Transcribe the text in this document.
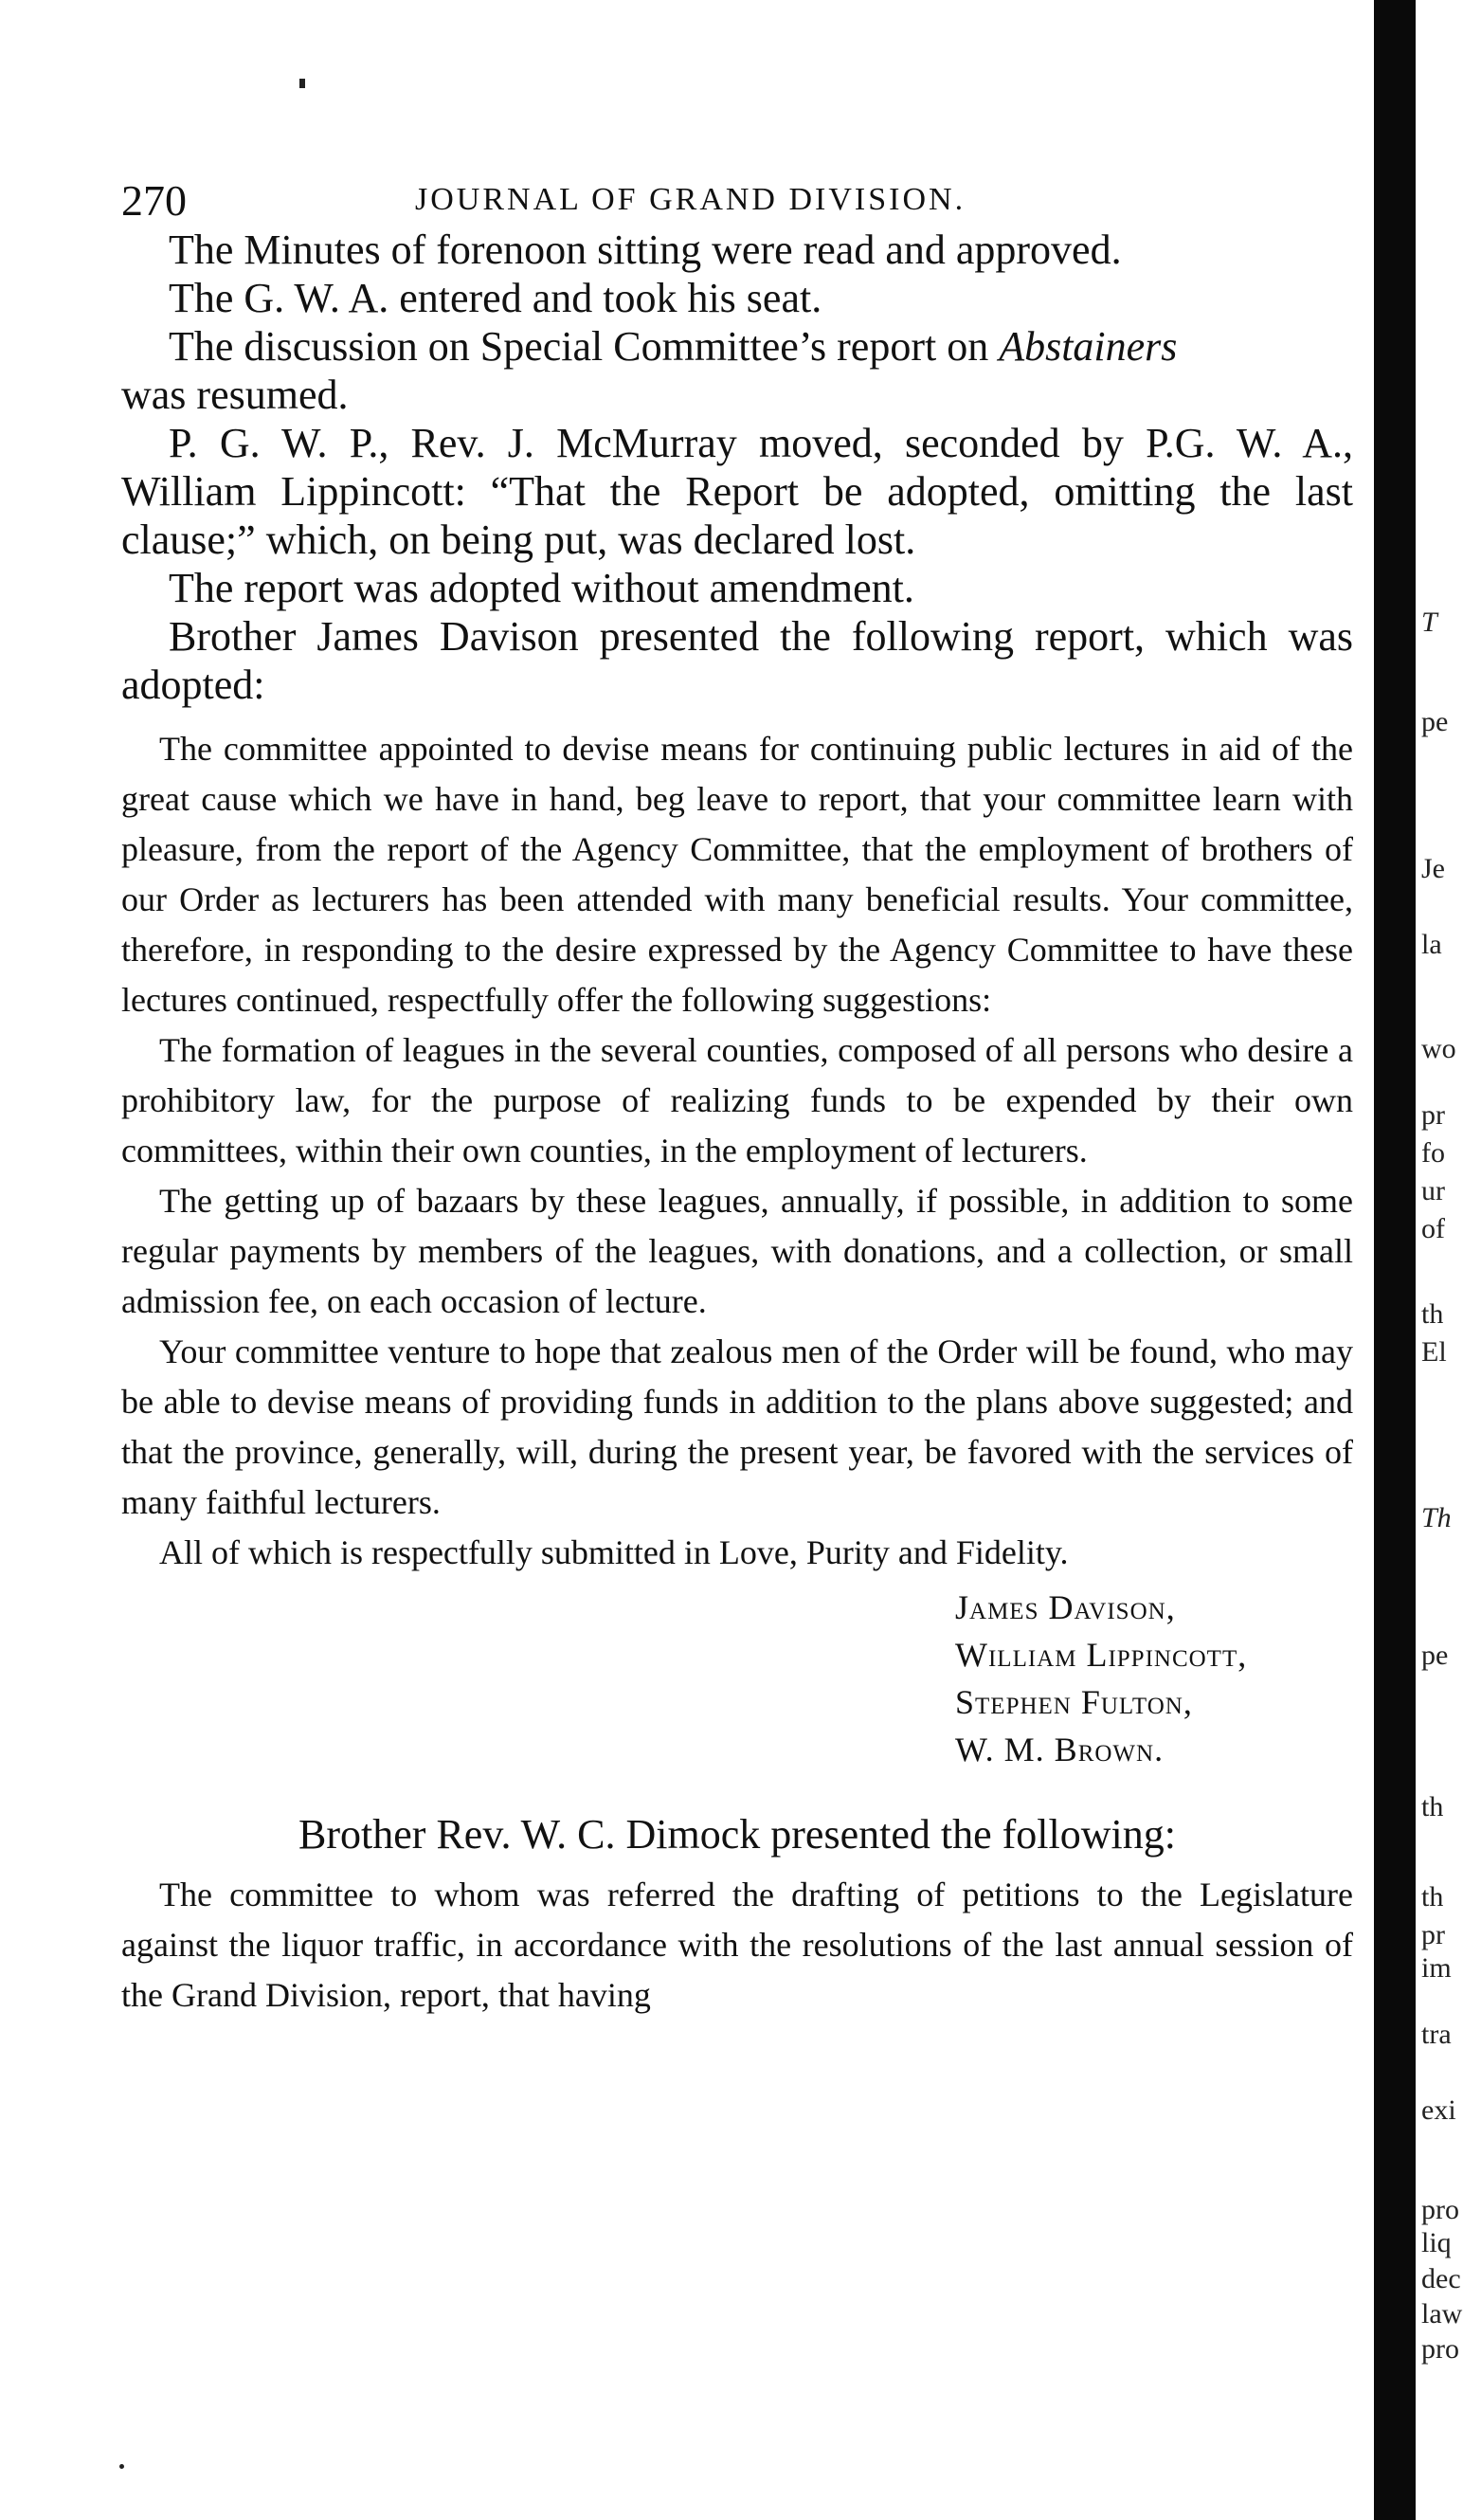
270	JOURNAL OF GRAND DIVISION.

The Minutes of forenoon sitting were read and approved.

The G. W. A. entered and took his seat.

The discussion on Special Committee’s report on Abstainers

was resumed.

P. G. W. P., Rev. J. McMurray moved, seconded by P.G. W. A., William Lippincott: “That the Report be adopted, omitting the last clause;” which, on being put, was declared lost.

The report was adopted without amendment.

Brother James Davison presented the following report, which was adopted:

The committee appointed to devise means for continuing public lectures in aid of the great cause which we have in hand, beg leave to report, that your committee learn with pleasure, from the report of the Agency Committee, that the employment of brothers of our Order as lecturers has been attended with many beneficial results. Your committee, therefore, in responding to the desire expressed by the Agency Committee to have these lectures continued, respectfully offer the following suggestions:

The formation of leagues in the several counties, composed of all persons who desire a prohibitory law, for the purpose of realizing funds to be expended by their own committees, within their own counties, in the employment of lecturers.

The getting up of bazaars by these leagues, annually, if possible, in addition to some regular payments by members of the leagues, with donations, and a collection, or small admission fee, on each occasion of lecture.

Your committee venture to hope that zealous men of the Order will be found, who may be able to devise means of providing funds in addition to the plans above suggested; and that the province, generally, will, during the present year, be favored with the services of many faithful lecturers.

All of which is respectfully submitted in Love, Purity and Fidelity.

James Davison,
William Lippincott,
Stephen Fulton,
W. M. Brown.
Brother Rev. W. C. Dimock presented the following:

The committee to whom was referred the drafting of petitions to the Legislature against the liquor traffic, in accordance with the resolutions of the last annual session of the Grand Division, report, that having

T
pe
Je
la
wo
pr
fo
ur
of
th
El
Th
pe
th
th
pr
im
tra
exi
pro
liq
dec
law
pro
